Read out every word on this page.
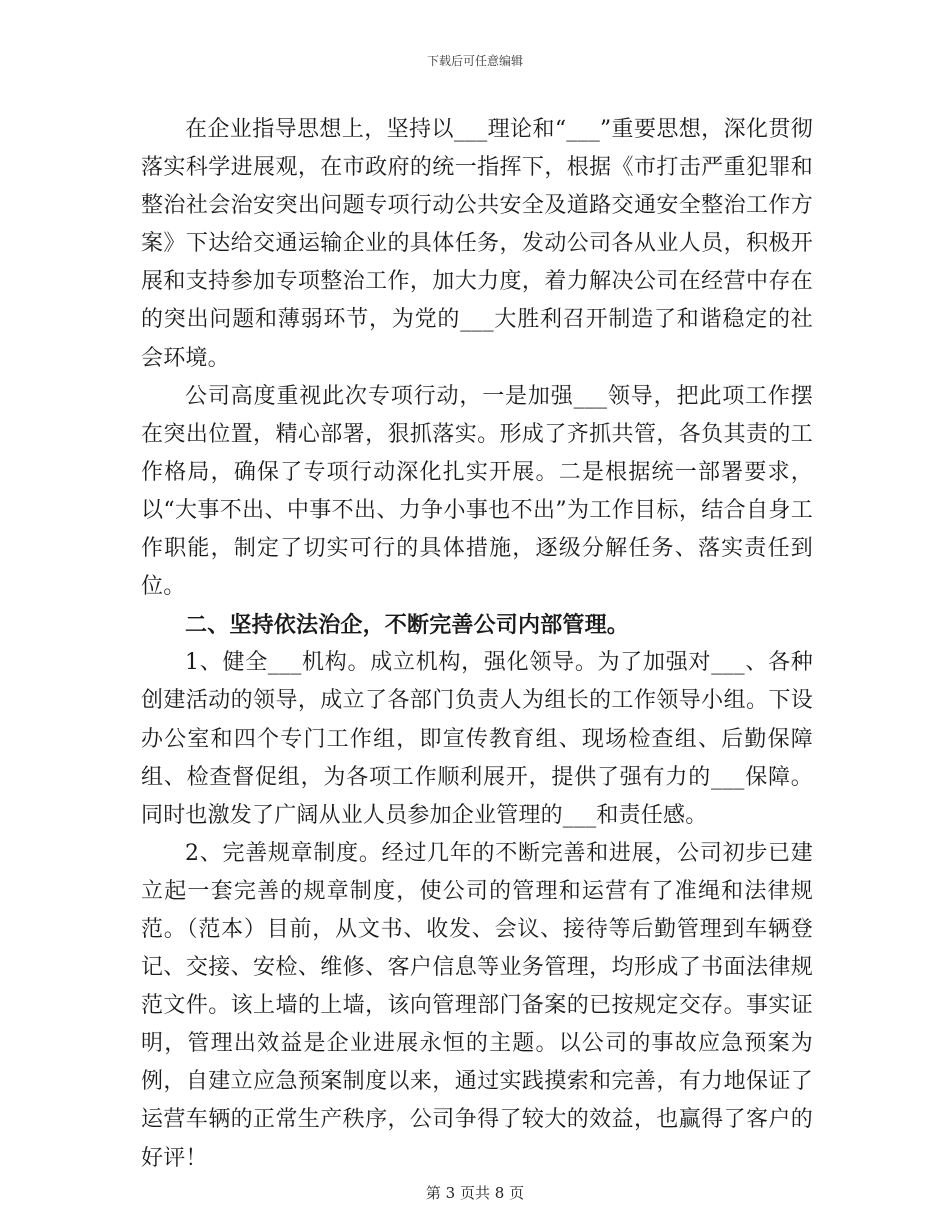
下载后可任意编辑

在企业指导思想上，坚持以___理论和“___”重要思想，深化贯彻落实科学进展观，在市政府的统一指挥下，根据《市打击严重犯罪和整治社会治安突出问题专项行动公共安全及道路交通安全整治工作方案》下达给交通运输企业的具体任务，发动公司各从业人员，积极开展和支持参加专项整治工作，加大力度，着力解决公司在经营中存在的突出问题和薄弱环节，为党的___大胜利召开制造了和谐稳定的社会环境。

公司高度重视此次专项行动，一是加强___领导，把此项工作摆在突出位置，精心部署，狠抓落实。形成了齐抓共管，各负其责的工作格局，确保了专项行动深化扎实开展。二是根据统一部署要求，以“大事不出、中事不出、力争小事也不出”为工作目标，结合自身工作职能，制定了切实可行的具体措施，逐级分解任务、落实责任到位。

二、坚持依法治企，不断完善公司内部管理。

1、健全___机构。成立机构，强化领导。为了加强对___、各种创建活动的领导，成立了各部门负责人为组长的工作领导小组。下设办公室和四个专门工作组，即宣传教育组、现场检查组、后勤保障组、检查督促组，为各项工作顺利展开，提供了强有力的___保障。同时也激发了广阔从业人员参加企业管理的___和责任感。

2、完善规章制度。经过几年的不断完善和进展，公司初步已建立起一套完善的规章制度，使公司的管理和运营有了准绳和法律规范。（范本）目前，从文书、收发、会议、接待等后勤管理到车辆登记、交接、安检、维修、客户信息等业务管理，均形成了书面法律规范文件。该上墙的上墙，该向管理部门备案的已按规定交存。事实证明，管理出效益是企业进展永恒的主题。以公司的事故应急预案为例，自建立应急预案制度以来，通过实践摸索和完善，有力地保证了运营车辆的正常生产秩序，公司争得了较大的效益，也赢得了客户的好评！

第 3 页共 8 页
